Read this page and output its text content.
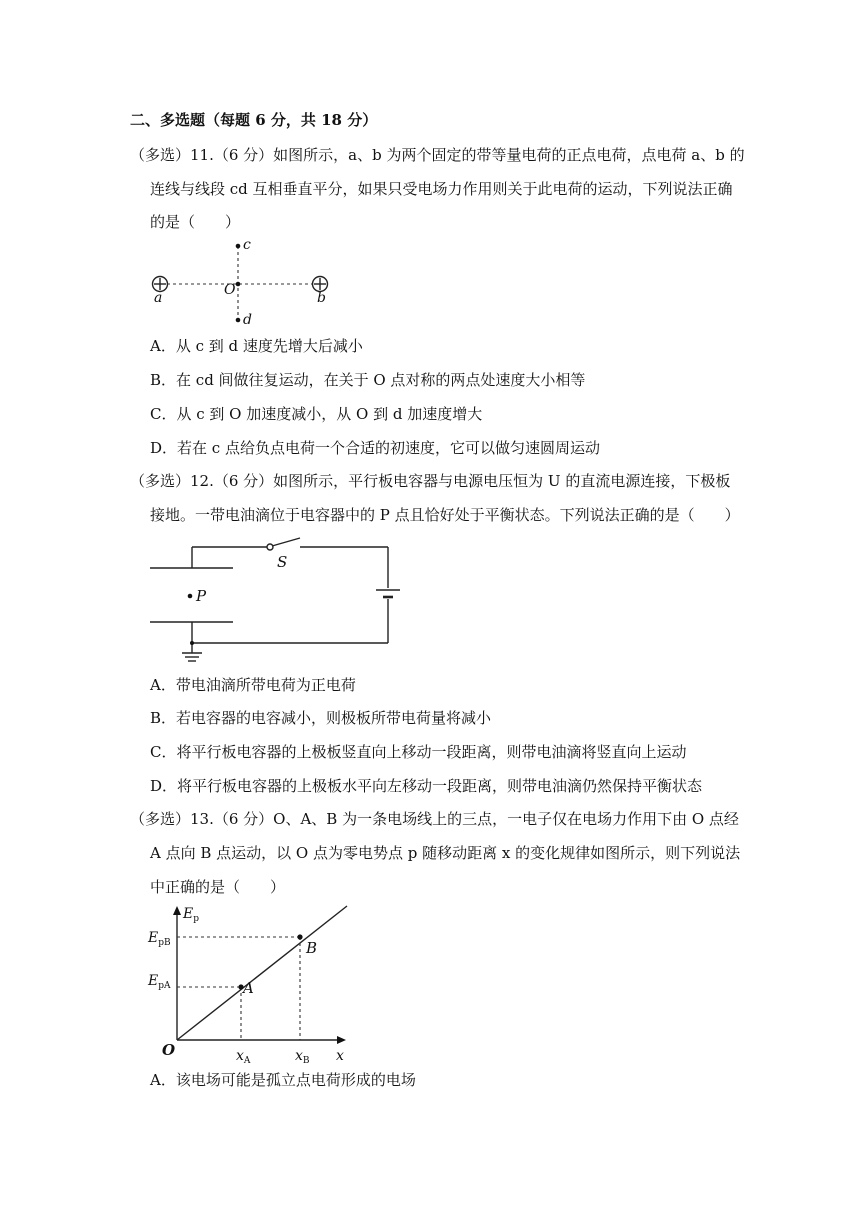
二、多选题（每题 6 分，共 18 分）
（多选）11.（6 分）如图所示，a、b 为两个固定的带等量电荷的正点电荷，点电荷 a、b 的
连线与线段 cd 互相垂直平分，如果只受电场力作用则关于此电荷的运动，下列说法正确
的是（　　）
c
O
d
a	b
A．从 c 到 d 速度先增大后减小
B．在 cd 间做往复运动，在关于 O 点对称的两点处速度大小相等
C．从 c 到 O 加速度减小，从 O 到 d 加速度增大
D．若在 c 点给负点电荷一个合适的初速度，它可以做匀速圆周运动
（多选）12.（6 分）如图所示，平行板电容器与电源电压恒为 U 的直流电源连接，下极板
接地。一带电油滴位于电容器中的 P 点且恰好处于平衡状态。下列说法正确的是（　　）
P
S
A．带电油滴所带电荷为正电荷
B．若电容器的电容减小，则极板所带电荷量将减小
C．将平行板电容器的上极板竖直向上移动一段距离，则带电油滴将竖直向上运动
D．将平行板电容器的上极板水平向左移动一段距离，则带电油滴仍然保持平衡状态
（多选）13.（6 分）O、A、B 为一条电场线上的三点，一电子仅在电场力作用下由 O 点经
A 点向 B 点运动，以 O 点为零电势点 p 随移动距离 x 的变化规律如图所示，则下列说法
中正确的是（　　）
$E_p$
$E_{pB}$
$E_{pA}$
B
A
O	$x_A$	$x_B$ x
A．该电场可能是孤立点电荷形成的电场
